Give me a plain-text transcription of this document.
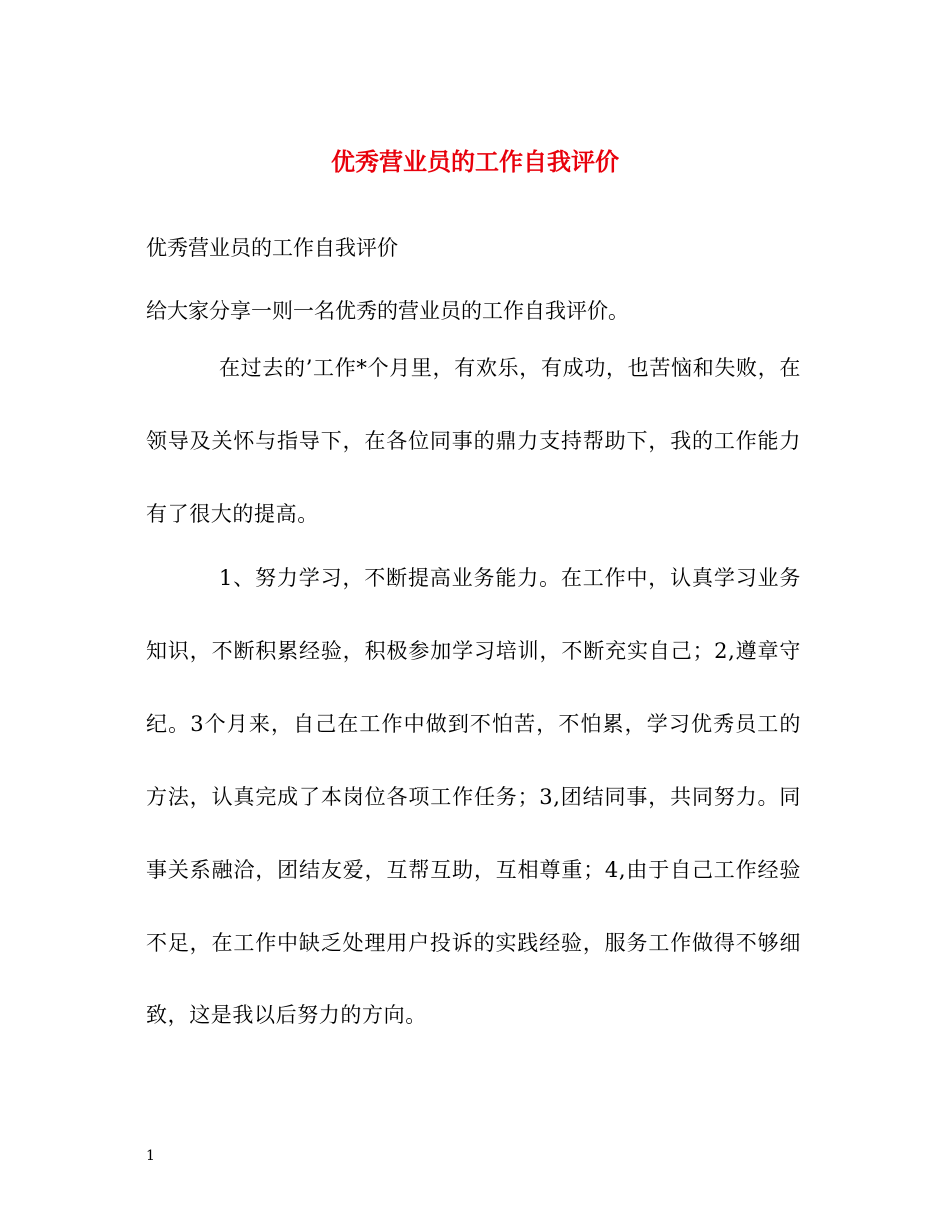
优秀营业员的工作自我评价

优秀营业员的工作自我评价

给大家分享一则一名优秀的营业员的工作自我评价。

在过去的’工作*个月里，有欢乐，有成功，也苦恼和失败，在领导及关怀与指导下，在各位同事的鼎力支持帮助下，我的工作能力有了很大的提高。

1、努力学习，不断提高业务能力。在工作中，认真学习业务知识，不断积累经验，积极参加学习培训，不断充实自己；2,遵章守纪。3个月来，自己在工作中做到不怕苦，不怕累，学习优秀员工的方法，认真完成了本岗位各项工作任务；3,团结同事，共同努力。同事关系融洽，团结友爱，互帮互助，互相尊重；4,由于自己工作经验不足，在工作中缺乏处理用户投诉的实践经验，服务工作做得不够细致，这是我以后努力的方向。

1
